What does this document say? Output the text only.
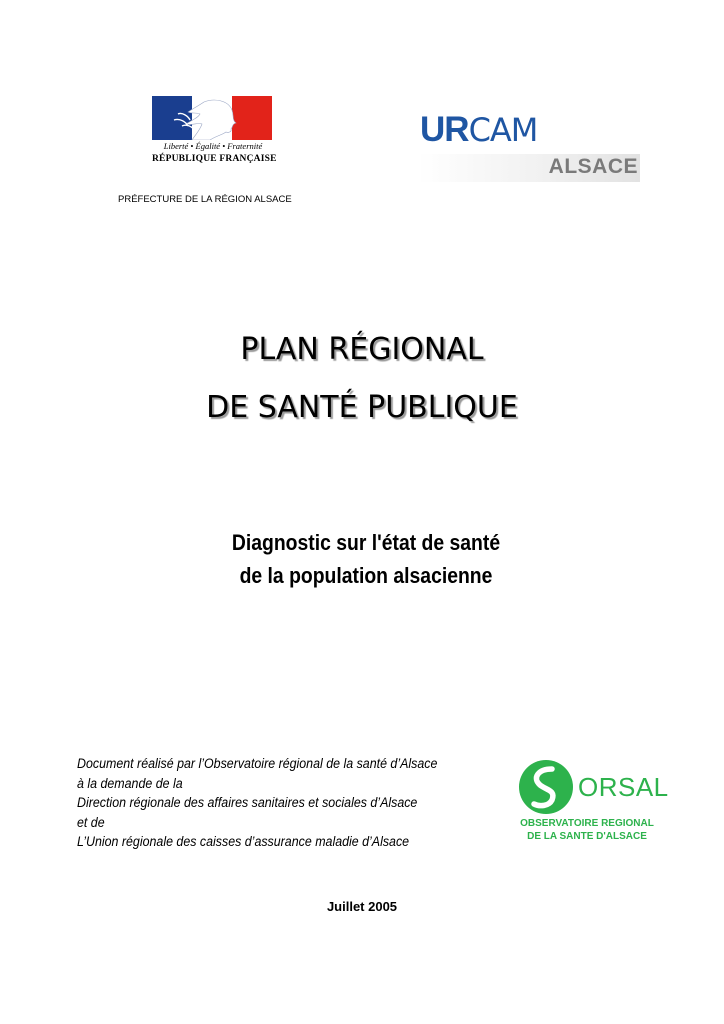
Liberté • Égalité • Fraternité
RÉPUBLIQUE FRANÇAISE
PRÉFECTURE DE LA RÉGION ALSACE
URCAM
ALSACE
PLAN RÉGIONAL
DE SANTÉ PUBLIQUE
Diagnostic sur l'état de santé
de la population alsacienne
Document réalisé par l’Observatoire régional de la santé d’Alsace
à la demande de la
Direction régionale des affaires sanitaires et sociales d’Alsace
et de
L’Union régionale des caisses d’assurance maladie d’Alsace
ORSAL
OBSERVATOIRE REGIONAL
DE LA SANTE D'ALSACE
Juillet 2005
